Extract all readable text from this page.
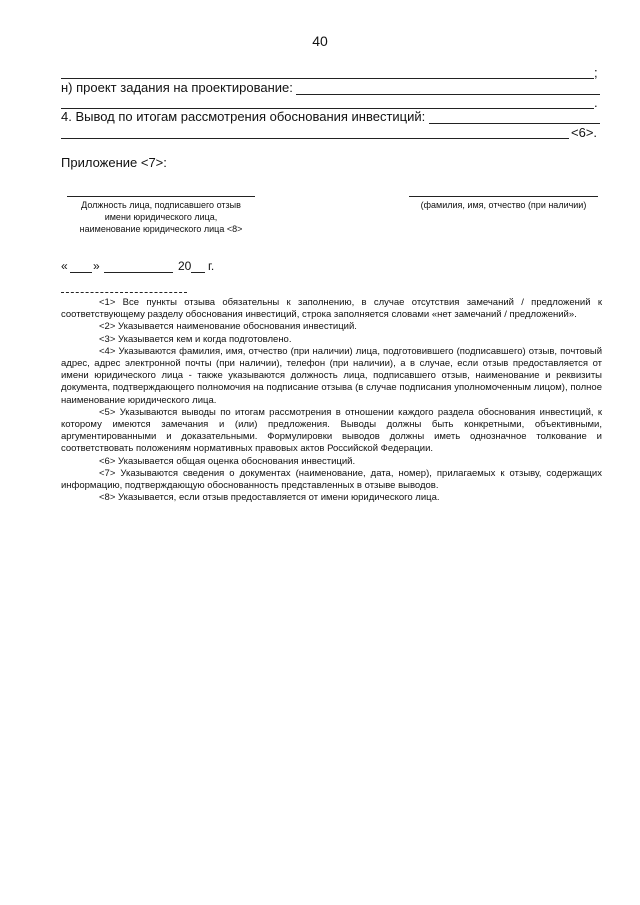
40
;
н) проект задания на проектирование:
.
4. Вывод по итогам рассмотрения обоснования инвестиций:
<6>.
Приложение <7>:
Должность лица, подписавшего отзыв
имени юридического лица,
наименование юридического лица <8>
(фамилия, имя, отчество (при наличии)
« »	20 г.

<1> Все пункты отзыва обязательны к заполнению, в случае отсутствия замечаний / предложений к соответствующему разделу обоснования инвестиций, строка заполняется словами «нет замечаний / предложений».

<2> Указывается наименование обоснования инвестиций.

<3> Указывается кем и когда подготовлено.

<4> Указываются фамилия, имя, отчество (при наличии) лица, подготовившего (подписавшего) отзыв, почтовый адрес, адрес электронной почты (при наличии), телефон (при наличии), а в случае, если отзыв предоставляется от имени юридического лица - также указываются должность лица, подписавшего отзыв, наименование и реквизиты документа, подтверждающего полномочия на подписание отзыва (в случае подписания уполномоченным лицом), полное наименование юридического лица.

<5> Указываются выводы по итогам рассмотрения в отношении каждого раздела обоснования инвестиций, к которому имеются замечания и (или) предложения. Выводы должны быть конкретными, объективными, аргументированными и доказательными. Формулировки выводов должны иметь однозначное толкование и соответствовать положениям нормативных правовых актов Российской Федерации.

<6> Указывается общая оценка обоснования инвестиций.

<7> Указываются сведения о документах (наименование, дата, номер), прилагаемых к отзыву, содержащих информацию, подтверждающую обоснованность представленных в отзыве выводов.

<8> Указывается, если отзыв предоставляется от имени юридического лица.
